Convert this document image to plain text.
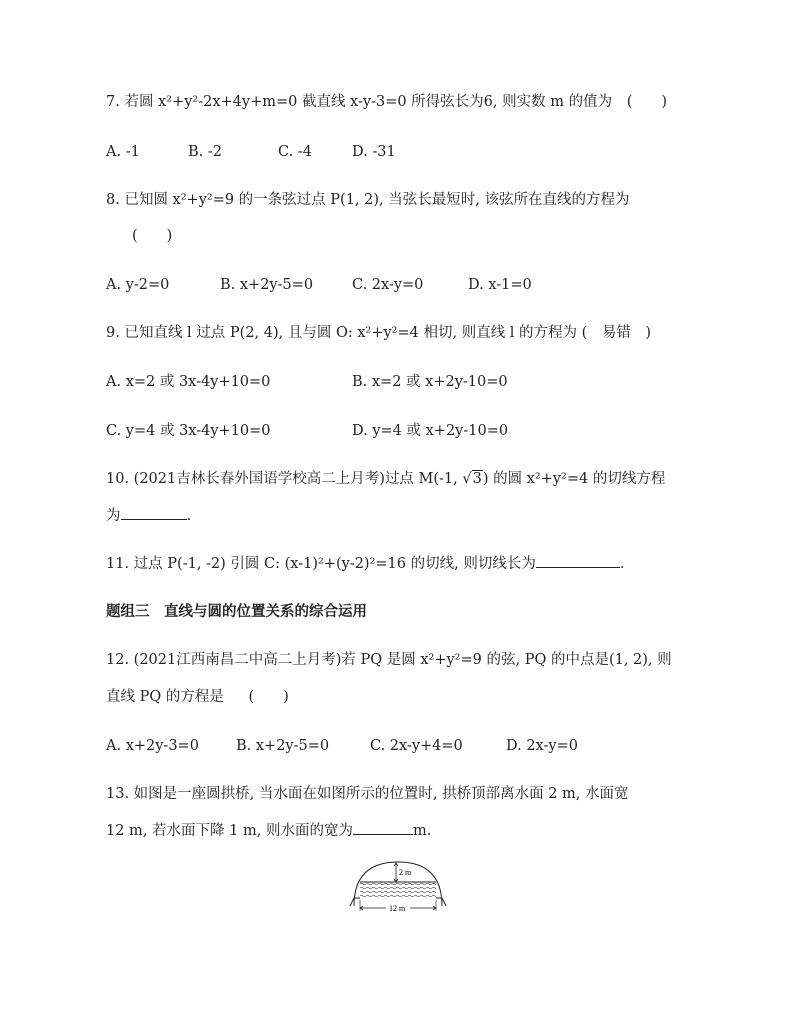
7. 若圆 x²+y²-2x+4y+m=0 截直线 x-y-3=0 所得弦长为6, 则实数 m 的值为 (　　)
A. -1	B. -2	C. -4	D. -31
8. 已知圆 x²+y²=9 的一条弦过点 P(1, 2), 当弦长最短时, 该弦所在直线的方程为
(　　)
A. y-2=0	B. x+2y-5=0	C. 2x-y=0	D. x-1=0
9. 已知直线 l 过点 P(2, 4), 且与圆 O: x²+y²=4 相切, 则直线 l 的方程为 (　易错　)
A. x=2 或 3x-4y+10=0	B. x=2 或 x+2y-10=0
C. y=4 或 3x-4y+10=0	D. y=4 或 x+2y-10=0
10. (2021吉林长春外国语学校高二上月考)过点 M(-1, √3) 的圆 x²+y²=4 的切线方程
为	.
11. 过点 P(-1, -2) 引圆 C: (x-1)²+(y-2)²=16 的切线, 则切线长为	.
题组三　直线与圆的位置关系的综合运用
12. (2021江西南昌二中高二上月考)若 PQ 是圆 x²+y²=9 的弦, PQ 的中点是(1, 2), 则
直线 PQ 的方程是 (　　)
A. x+2y-3=0	B. x+2y-5=0	C. 2x-y+4=0	D. 2x-y=0
13. 如图是一座圆拱桥, 当水面在如图所示的位置时, 拱桥顶部离水面 2 m, 水面宽
12 m, 若水面下降 1 m, 则水面的宽为	m.
2 m
12 m
